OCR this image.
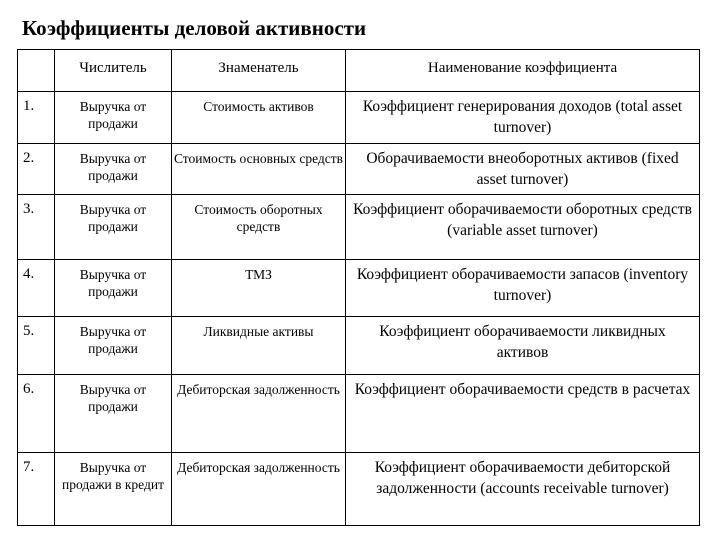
Коэффициенты деловой активности
	Числитель	Знаменатель	Наименование коэффициента
1.	Выручка от продажи	Стоимость активов	Коэффициент генерирования доходов (total asset turnover)

2.	Выручка от продажи	Стоимость основных средств	Оборачиваемости внеоборотных активов (fixed asset turnover)

3.	Выручка от продажи	Стоимость оборотных средств	Коэффициент оборачиваемости оборотных средств (variable asset turnover)

4.	Выручка от продажи	ТМЗ	Коэффициент оборачиваемости запасов (inventory turnover)

5.	Выручка от продажи	Ликвидные активы	Коэффициент оборачиваемости ликвидных активов

6.	Выручка от продажи	Дебиторская задолженность	Коэффициент оборачиваемости средств в расчетах

7.	Выручка от продажи в кредит	Дебиторская задолженность	Коэффициент оборачиваемости дебиторской задолженности (accounts receivable turnover)
